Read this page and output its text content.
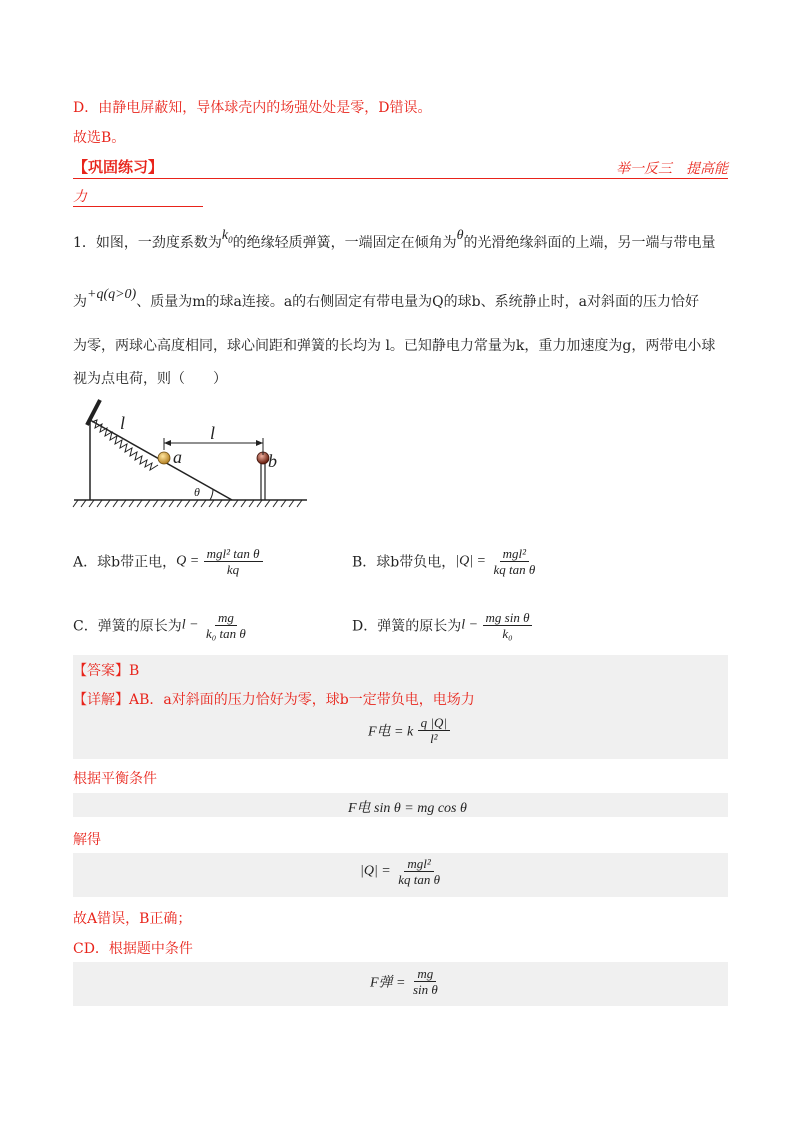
D．由静电屏蔽知，导体球壳内的场强处处是零，D错误。
故选B。
【巩固练习】	举一反三　提高能
力
1．如图，一劲度系数为$k_0$的绝缘轻质弹簧，一端固定在倾角为θ的光滑绝缘斜面的上端，另一端与带电量
为+q(q>0)、质量为m的球a连接。a的右侧固定有带电量为Q的球b、系统静止时，a对斜面的压力恰好
为零，两球心高度相同，球心间距和弹簧的长均为 l。已知静电力常量为k，重力加速度为g，两带电小球
视为点电荷，则（　　）
l	l
a	b
θ
A．球b带正电，$Q = \frac{\text{mgl² tan θ}}{kq}$	B．球b带负电，$|Q| = \frac{\text{mgl²}}{\text{kq tan θ}}$
C．弹簧的原长为$l - \frac{mg}{\text{k₀ tan θ}}$	D．弹簧的原长为$l - \frac{\text{mg sin θ}}{\text{k₀}}$
【答案】B
【详解】AB．a对斜面的压力恰好为零，球b一定带负电，电场力
F电 = k $\frac{q |Q|}{\text{l²}}$
根据平衡条件
F电 sin θ = mg cos θ
解得
$|Q| = \frac{\text{mgl²}}{\text{kq tan θ}}$
故A错误，B正确；
CD．根据题中条件
F弹 = $\frac{mg}{\text{sin θ}}$
